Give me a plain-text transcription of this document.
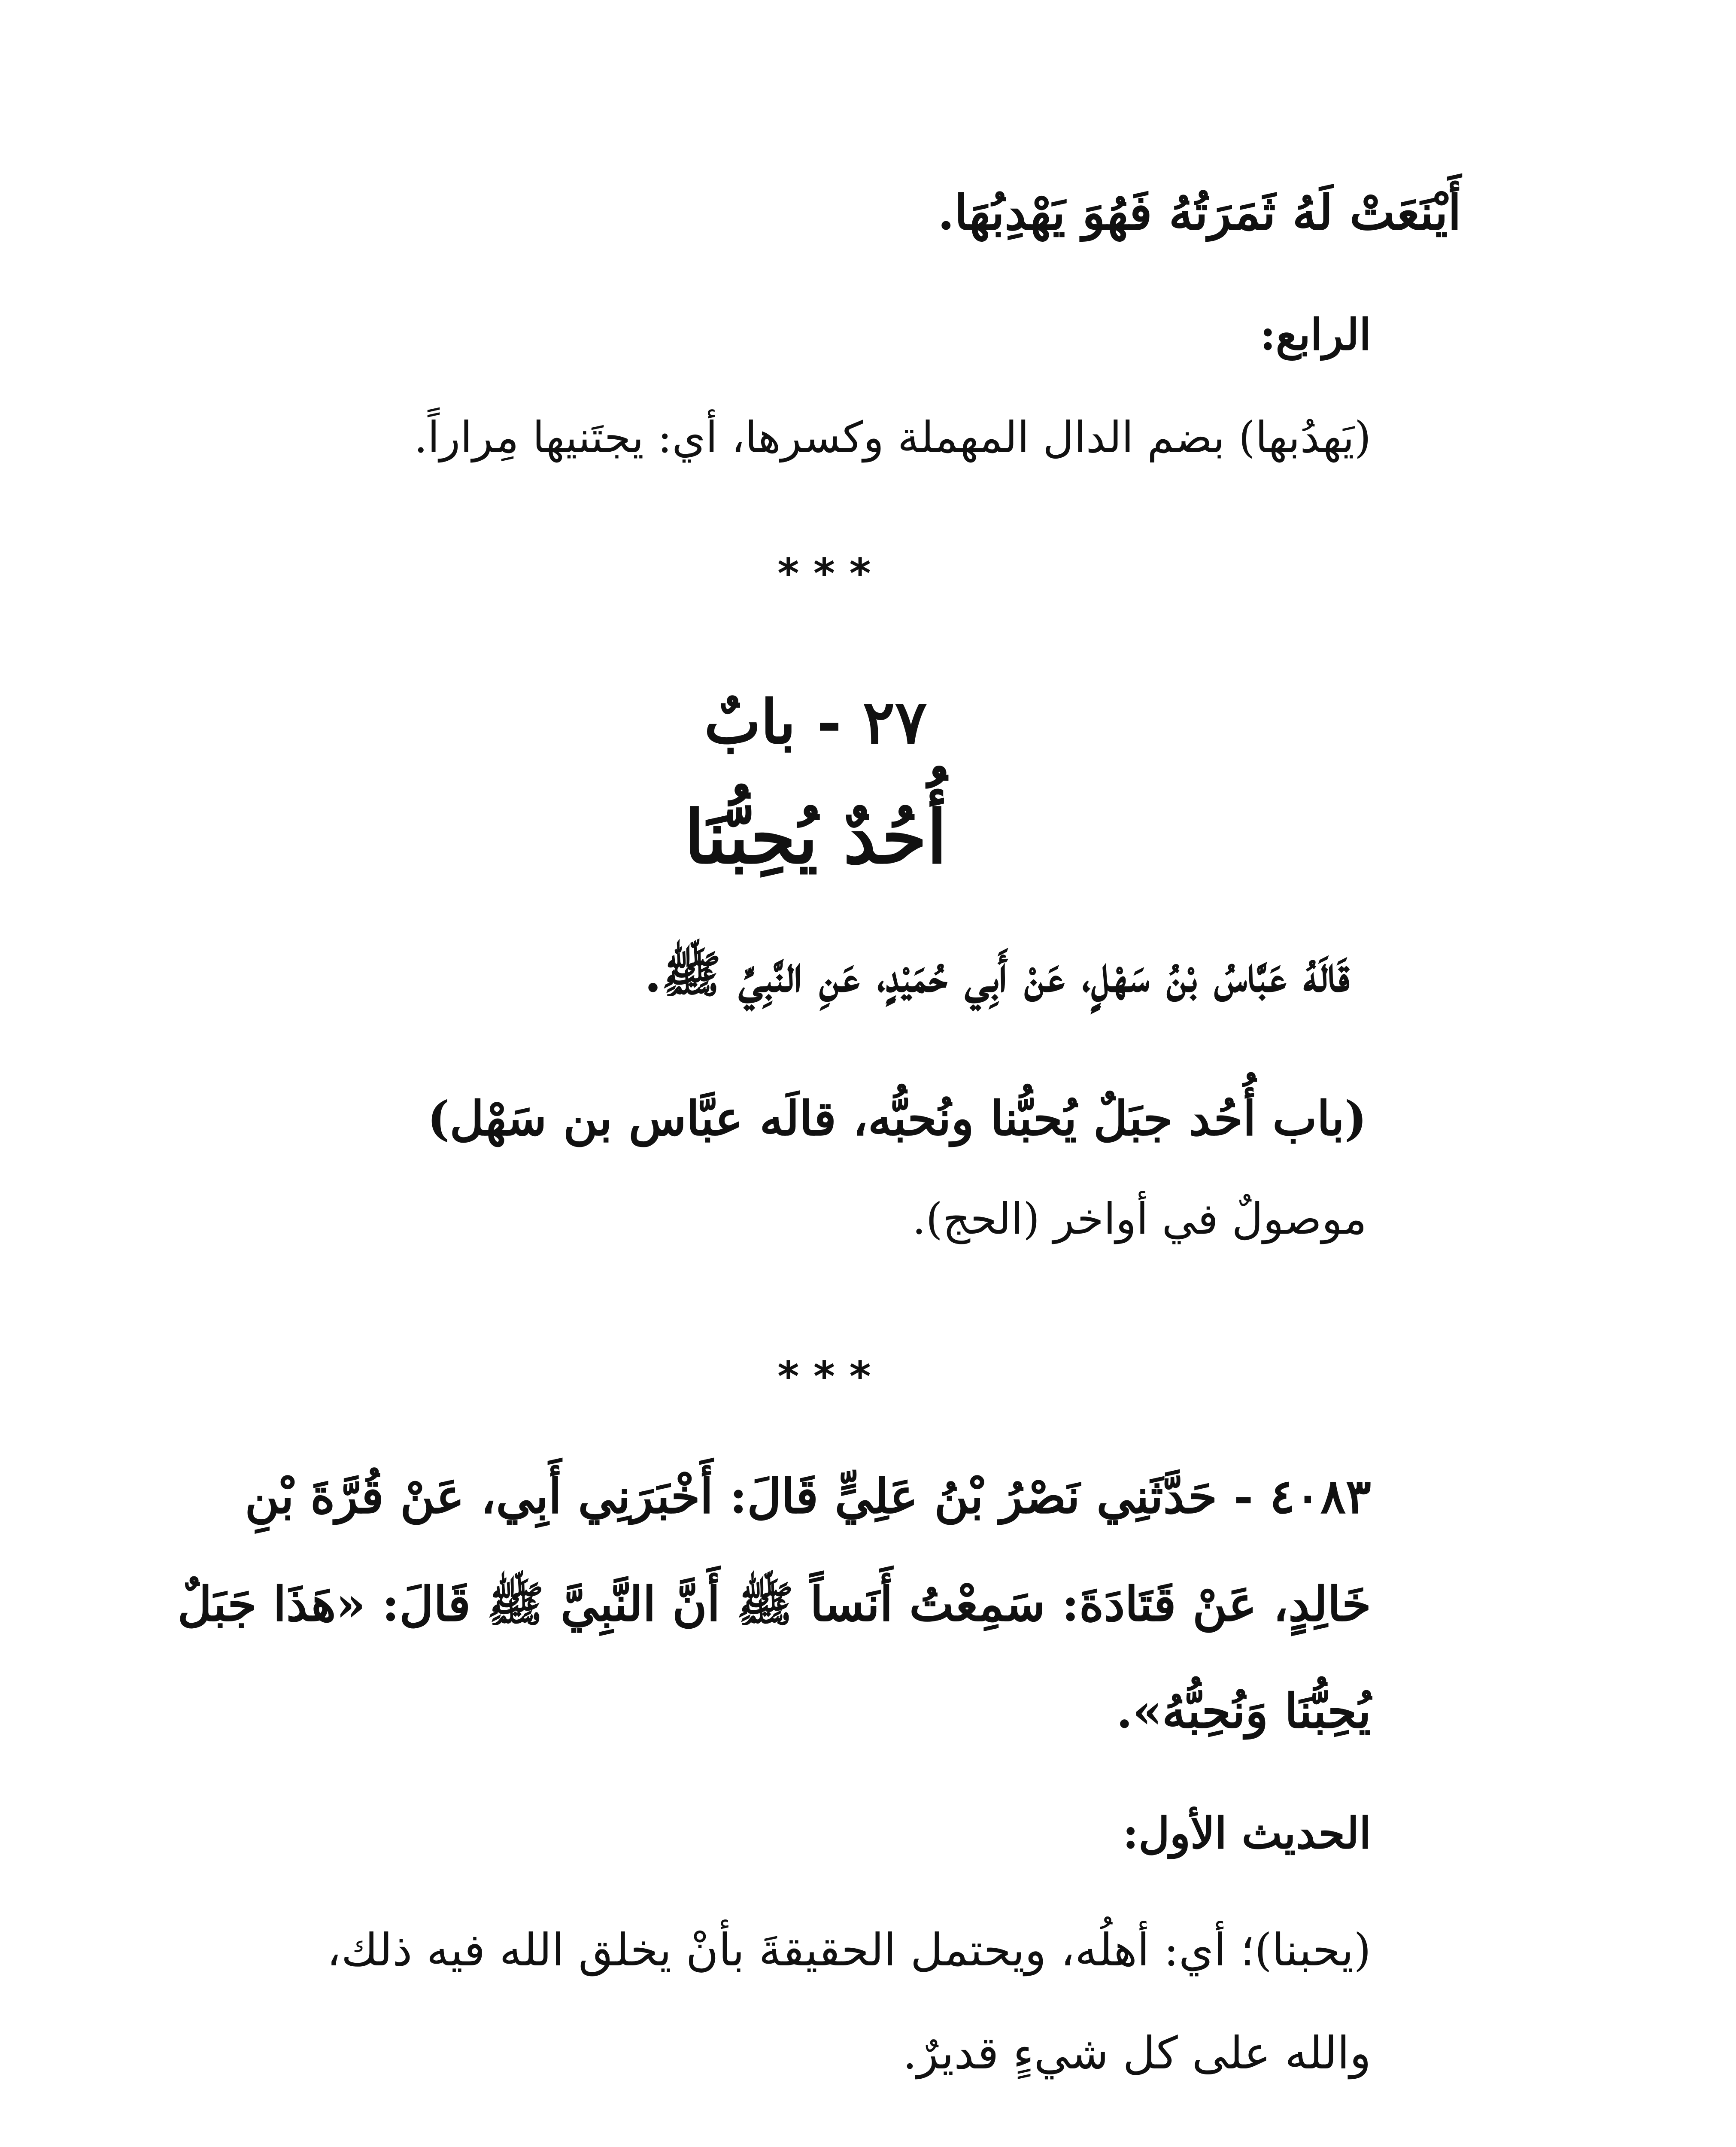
أَيْنَعَتْ لَهُ ثَمَرَتُهُ فَهُوَ يَهْدِبُهَا.
الرابع:
(يَهدُبها) بضم الدال المهملة وكسرها، أي: يجتَنيها مِراراً.
* * *
٢٧ - بابٌ
أُحُدٌ يُحِبُّنَا
قَالَهُ عَبَّاسُ بْنُ سَهْلٍ، عَنْ أَبِي حُمَيْدٍ، عَنِ النَّبِيِّ ﷺ.
(باب أُحُد جبَلٌ يُحبُّنا ونُحبُّه، قالَه عبَّاس بن سَهْل)
موصولٌ في أواخر (الحج).
* * *
٤٠٨٣ - حَدَّثَنِي نَصْرُ بْنُ عَلِيٍّ قَالَ: أَخْبَرَنِي أَبِي، عَنْ قُرَّةَ بْنِ
خَالِدٍ، عَنْ قَتَادَةَ: سَمِعْتُ أَنَساً ﷺ أَنَّ النَّبِيَّ ﷺ قَالَ: «هَذَا جَبَلٌ
يُحِبُّنَا وَنُحِبُّهُ».
الحديث الأول:
(يحبنا)؛ أي: أهلُه، ويحتمل الحقيقةَ بأنْ يخلق الله فيه ذلك،
والله على كل شيءٍ قديرٌ.
